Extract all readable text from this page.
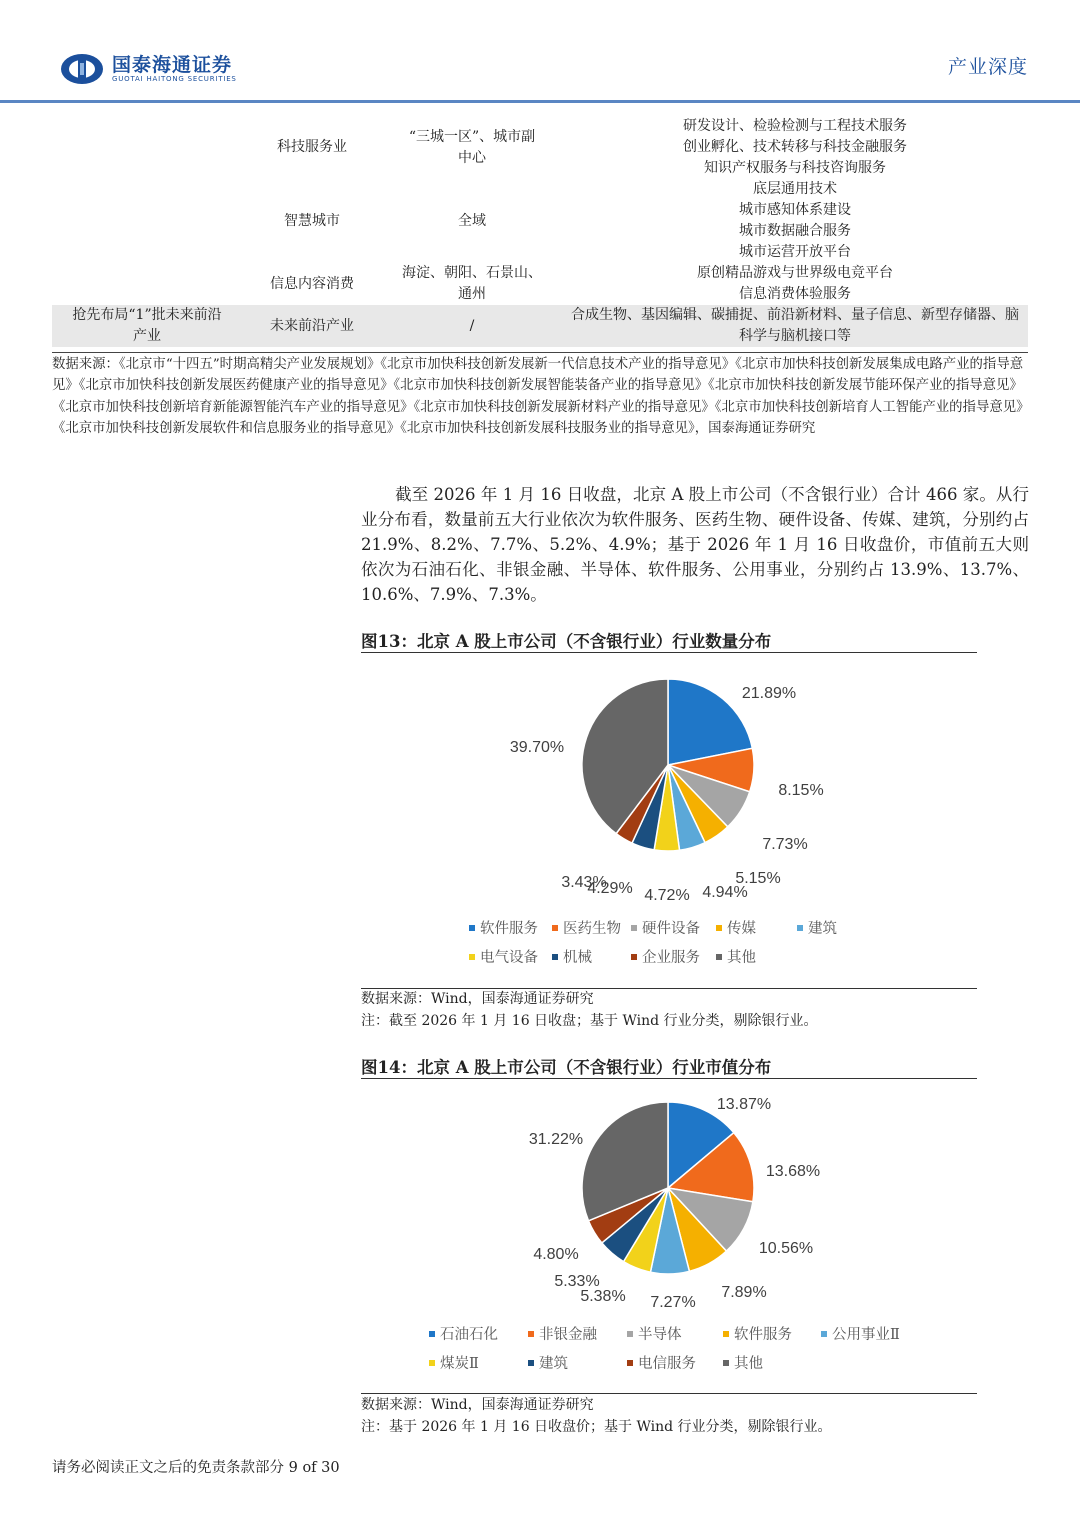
国泰海通证券
GUOTAI HAITONG SECURITIES
产业深度
	科技服务业	“三城一区”、城市副中心	研发设计、检验检测与工程技术服务
创业孵化、技术转移与科技金融服务
知识产权服务与科技咨询服务
	智慧城市	全域	底层通用技术
城市感知体系建设
城市数据融合服务
城市运营开放平台
	信息内容消费	海淀、朝阳、石景山、通州	原创精品游戏与世界级电竞平台
信息消费体验服务

抢先布局“1”批未来前沿产业	未来前沿产业	/	合成生物、基因编辑、碳捕捉、前沿新材料、量子信息、新型存储器、脑科学与脑机接口等
数据来源：《北京市“十四五”时期高精尖产业发展规划》《北京市加快科技创新发展新一代信息技术产业的指导意见》《北京市加快科技创新发展集成电路产业的指导意见》《北京市加快科技创新发展医药健康产业的指导意见》《北京市加快科技创新发展智能装备产业的指导意见》《北京市加快科技创新发展节能环保产业的指导意见》《北京市加快科技创新培育新能源智能汽车产业的指导意见》《北京市加快科技创新发展新材料产业的指导意见》《北京市加快科技创新培育人工智能产业的指导意见》《北京市加快科技创新发展软件和信息服务业的指导意见》《北京市加快科技创新发展科技服务业的指导意见》，国泰海通证券研究
截至 2026 年 1 月 16 日收盘，北京 A 股上市公司（不含银行业）合计 466 家。从行业分布看，数量前五大行业依次为软件服务、医药生物、硬件设备、传媒、建筑，分别约占 21.9%、8.2%、7.7%、5.2%、4.9%；基于 2026 年 1 月 16 日收盘价，市值前五大则依次为石油石化、非银金融、半导体、软件服务、公用事业，分别约占 13.9%、13.7%、10.6%、7.9%、7.3%。
图13：北京 A 股上市公司（不含银行业）行业数量分布
21.89%
8.15%
7.73%
5.15%
4.94%
4.72%
4.29%
3.43%
39.70%
软件服务 医药生物 硬件设备 传媒	建筑
电气设备 机械	企业服务 其他
数据来源：Wind，国泰海通证券研究
注：截至 2026 年 1 月 16 日收盘；基于 Wind 行业分类，剔除银行业。
图14：北京 A 股上市公司（不含银行业）行业市值分布
13.87%
13.68%
10.56%
7.89%
7.27%
5.38%
5.33%
4.80%
31.22%
石油石化	非银金融	半导体	软件服务	公用事业Ⅱ
煤炭Ⅱ	建筑	电信服务	其他
数据来源：Wind，国泰海通证券研究
注：基于 2026 年 1 月 16 日收盘价；基于 Wind 行业分类，剔除银行业。
请务必阅读正文之后的免责条款部分 9 of 30
